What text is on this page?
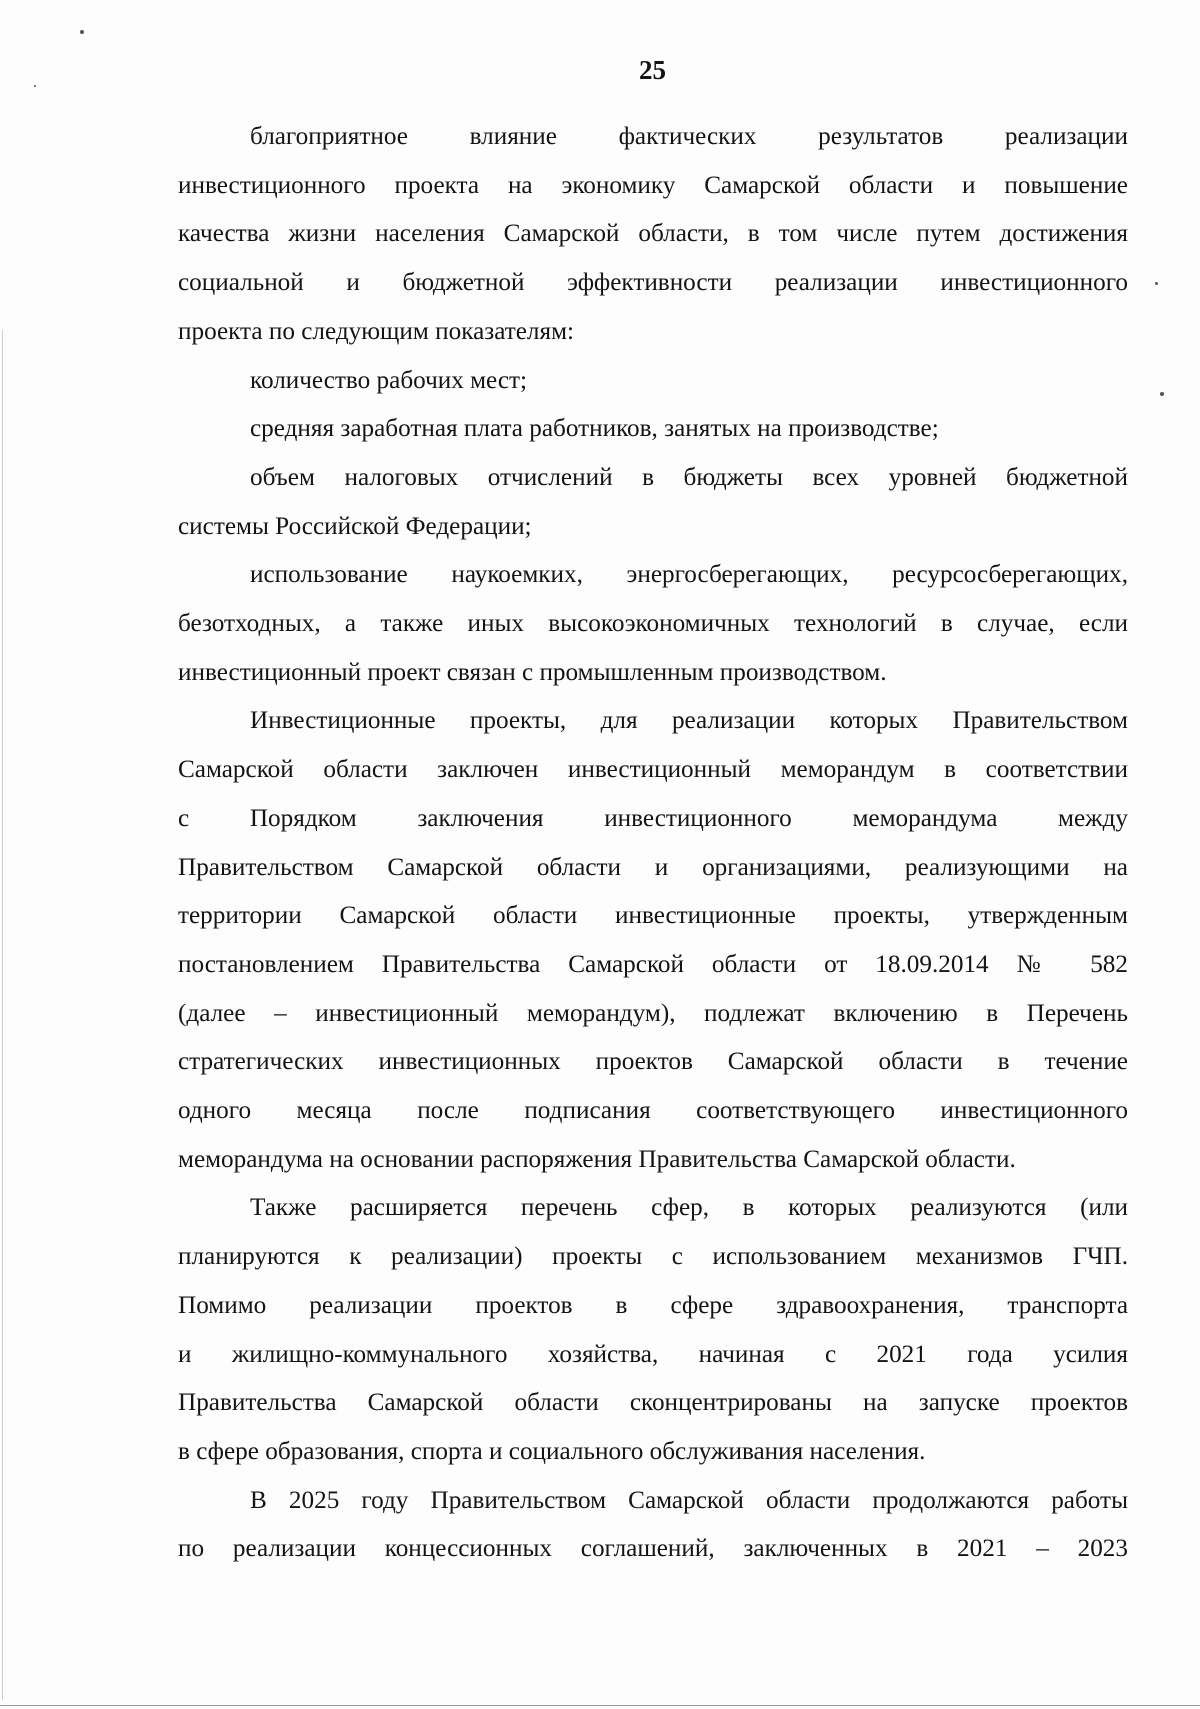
25
благоприятное влияние фактических результатов реализации
инвестиционного проекта на экономику Самарской области и повышение
качества жизни населения Самарской области, в том числе путем достижения
социальной и бюджетной эффективности реализации инвестиционного
проекта по следующим показателям:
количество рабочих мест;
средняя заработная плата работников, занятых на производстве;
объем налоговых отчислений в бюджеты всех уровней бюджетной
системы Российской Федерации;
использование наукоемких, энергосберегающих, ресурсосберегающих,
безотходных, а также иных высокоэкономичных технологий в случае, если
инвестиционный проект связан с промышленным производством.
Инвестиционные проекты, для реализации которых Правительством
Самарской области заключен инвестиционный меморандум в соответствии
с Порядком заключения инвестиционного меморандума между
Правительством Самарской области и организациями, реализующими на
территории Самарской области инвестиционные проекты, утвержденным
постановлением Правительства Самарской области от 18.09.2014 № 582
(далее – инвестиционный меморандум), подлежат включению в Перечень
стратегических инвестиционных проектов Самарской области в течение
одного месяца после подписания соответствующего инвестиционного
меморандума на основании распоряжения Правительства Самарской области.
Также расширяется перечень сфер, в которых реализуются (или
планируются к реализации) проекты с использованием механизмов ГЧП.
Помимо реализации проектов в сфере здравоохранения, транспорта
и жилищно-коммунального хозяйства, начиная с 2021 года усилия
Правительства Самарской области сконцентрированы на запуске проектов
в сфере образования, спорта и социального обслуживания населения.
В 2025 году Правительством Самарской области продолжаются работы
по реализации концессионных соглашений, заключенных в 2021 – 2023
